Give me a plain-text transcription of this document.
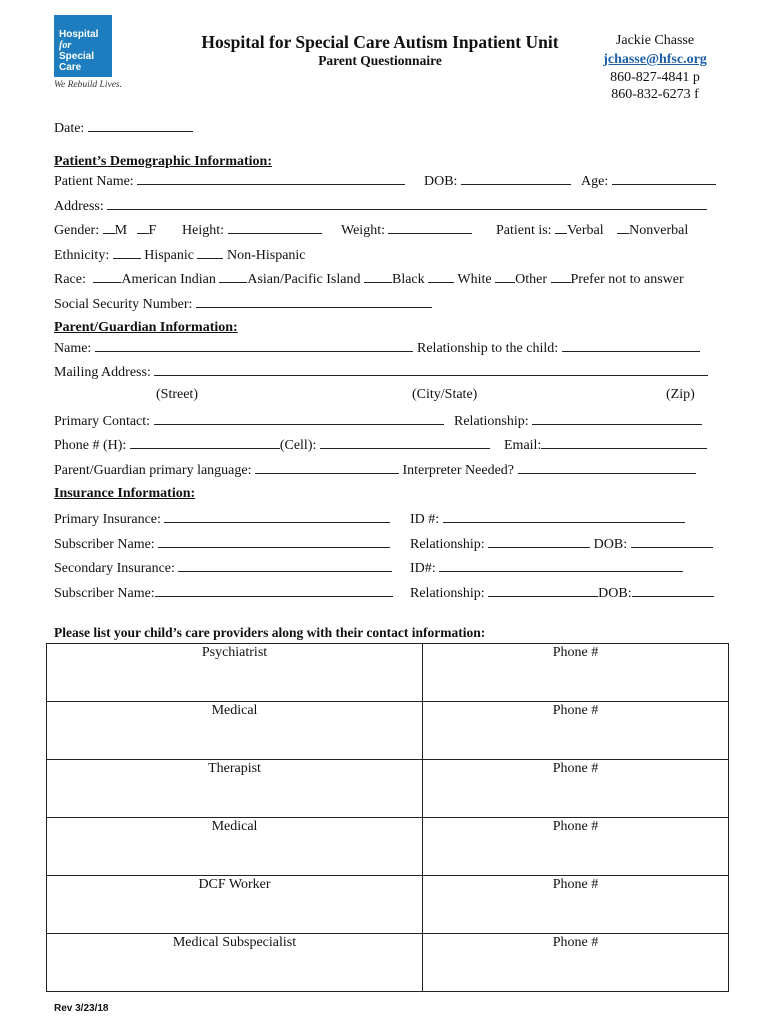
Hospital for
Special Care
We Rebuild Lives.
Hospital for Special Care Autism Inpatient Unit
Parent Questionnaire
Jackie Chasse
jchasse@hfsc.org
860-827-4841 p
860-832-6273 f
Date:
Patient’s Demographic Information:
Patient Name:	DOB:	Age:
Address:
Gender: M F Height:	Weight:	Patient is: Verbal Nonverbal
Ethnicity:	Hispanic Non-Hispanic
Race:	American Indian Asian/Pacific Island Black White Other Prefer not to answer
Social Security Number:
Parent/Guardian Information:
Name:	Relationship to the child:
Mailing Address:
(Street)	(City/State)	(Zip)
Primary Contact:	Relationship:
Phone # (H):	(Cell):	Email:
Parent/Guardian primary language:	Interpreter Needed?
Insurance Information:
Primary Insurance:	ID #:
Subscriber Name:	Relationship:	DOB:
Secondary Insurance:	ID#:
Subscriber Name:	Relationship:	DOB:
Please list your child’s care providers along with their contact information:
Psychiatrist	Phone #
Medical	Phone #
Therapist	Phone #
Medical	Phone #
DCF Worker	Phone #
Medical Subspecialist	Phone #
Rev 3/23/18
